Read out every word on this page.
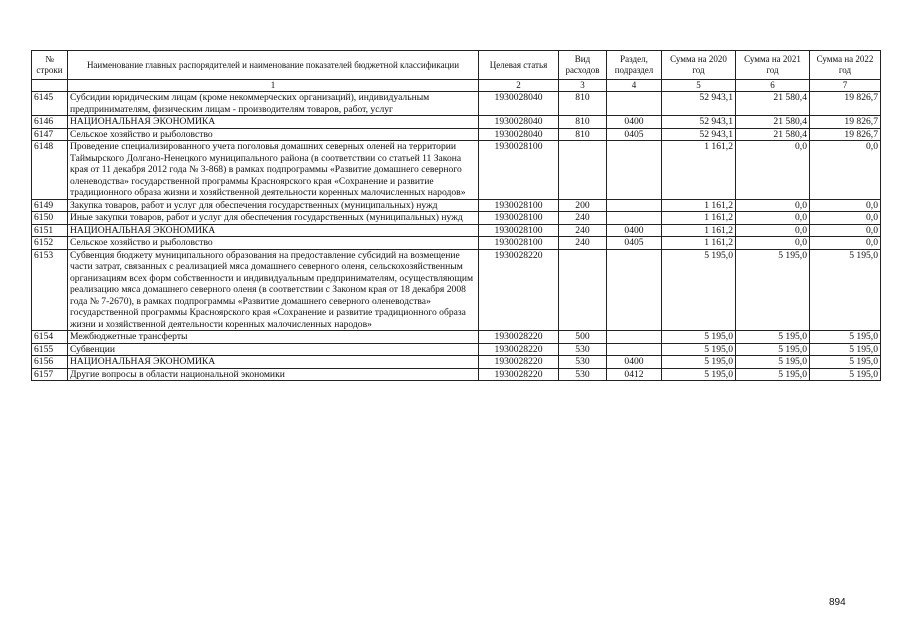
№ строки	Наименование главных распорядителей и наименование показателей бюджетной классификации	Целевая статья	Вид расходов	Раздел, подраздел	Сумма на 2020 год	Сумма на 2021 год	Сумма на 2022 год
	1	2	3	4	5	6	7
6145	Субсидии юридическим лицам (кроме некоммерческих организаций), индивидуальным предпринимателям, физическим лицам - производителям товаров, работ, услуг	1930028040	810		52 943,1	21 580,4	19 826,7
6146	НАЦИОНАЛЬНАЯ ЭКОНОМИКА	1930028040	810	0400	52 943,1	21 580,4	19 826,7
6147	Сельское хозяйство и рыболовство	1930028040	810	0405	52 943,1	21 580,4	19 826,7
6148	Проведение специализированного учета поголовья домашних северных оленей на территории Таймырского Долгано-Ненецкого муниципального района (в соответствии со статьей 11 Закона края от 11 декабря 2012 года № 3-868) в рамках подпрограммы «Развитие домашнего северного оленеводства» государственной программы Красноярского края «Сохранение и развитие традиционного образа жизни и хозяйственной деятельности коренных малочисленных народов»	1930028100			1 161,2	0,0	0,0
6149	Закупка товаров, работ и услуг для обеспечения государственных (муниципальных) нужд	1930028100	200		1 161,2	0,0	0,0
6150	Иные закупки товаров, работ и услуг для обеспечения государственных (муниципальных) нужд	1930028100	240		1 161,2	0,0	0,0
6151	НАЦИОНАЛЬНАЯ ЭКОНОМИКА	1930028100	240	0400	1 161,2	0,0	0,0
6152	Сельское хозяйство и рыболовство	1930028100	240	0405	1 161,2	0,0	0,0
6153	Субвенция бюджету муниципального образования на предоставление субсидий на возмещение части затрат, связанных с реализацией мяса домашнего северного оленя, сельскохозяйственным организациям всех форм собственности и индивидуальным предпринимателям, осуществляющим реализацию мяса домашнего северного оленя (в соответствии с Законом края от 18 декабря 2008 года № 7-2670), в рамках подпрограммы «Развитие домашнего северного оленеводства» государственной программы Красноярского края «Сохранение и развитие традиционного образа жизни и хозяйственной деятельности коренных малочисленных народов»	1930028220			5 195,0	5 195,0	5 195,0
6154	Межбюджетные трансферты	1930028220	500		5 195,0	5 195,0	5 195,0
6155	Субвенции	1930028220	530		5 195,0	5 195,0	5 195,0
6156	НАЦИОНАЛЬНАЯ ЭКОНОМИКА	1930028220	530	0400	5 195,0	5 195,0	5 195,0
6157	Другие вопросы в области национальной экономики	1930028220	530	0412	5 195,0	5 195,0	5 195,0
894
